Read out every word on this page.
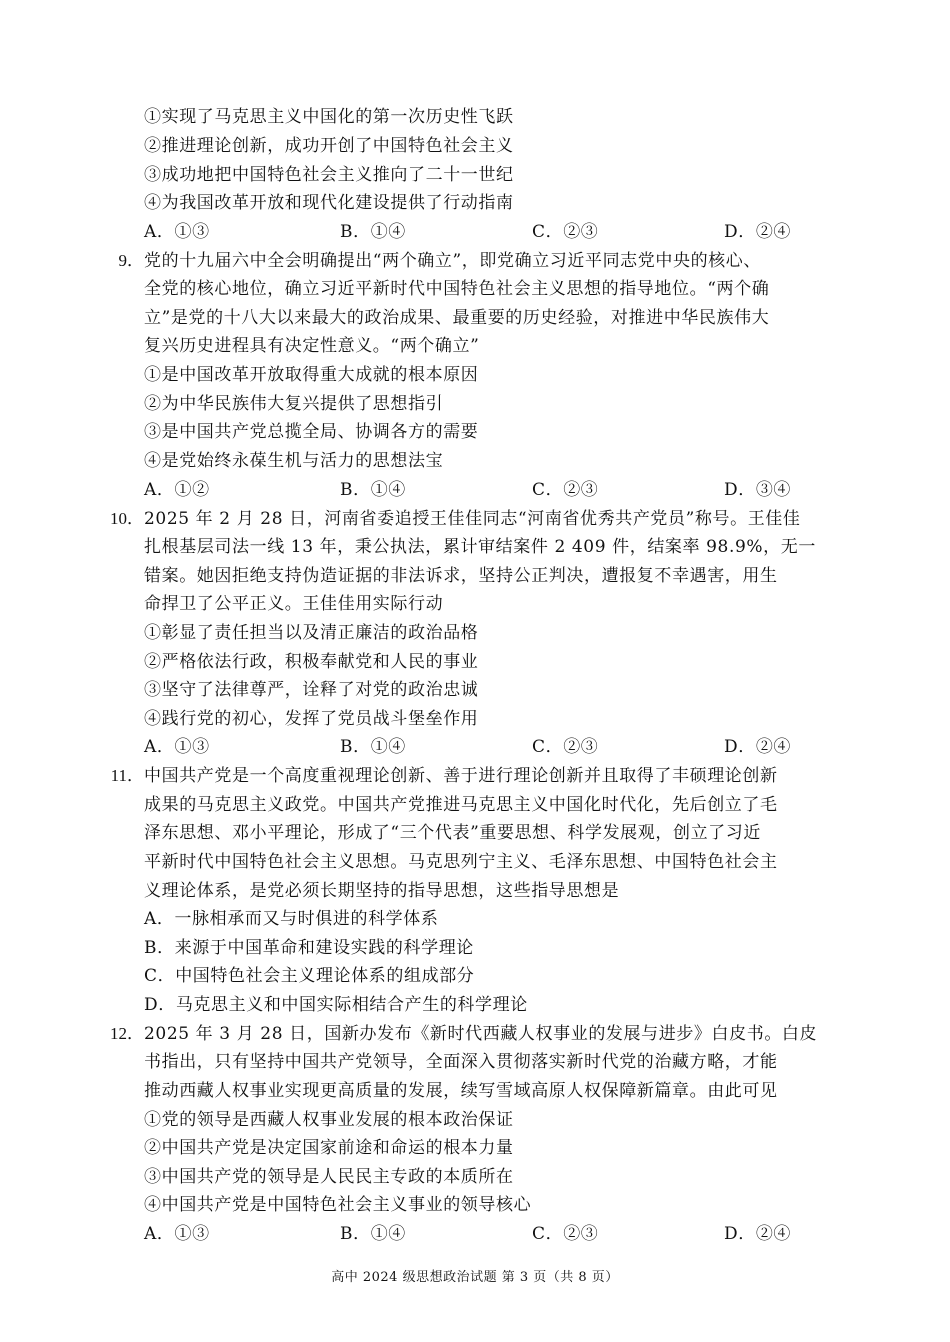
①实现了马克思主义中国化的第一次历史性飞跃
②推进理论创新，成功开创了中国特色社会主义
③成功地把中国特色社会主义推向了二十一世纪
④为我国改革开放和现代化建设提供了行动指南
A．①③	B．①④	C．②③	D．②④
9． 党的十九届六中全会明确提出“两个确立”，即党确立习近平同志党中央的核心、
全党的核心地位，确立习近平新时代中国特色社会主义思想的指导地位。“两个确
立”是党的十八大以来最大的政治成果、最重要的历史经验，对推进中华民族伟大
复兴历史进程具有决定性意义。“两个确立”
①是中国改革开放取得重大成就的根本原因
②为中华民族伟大复兴提供了思想指引
③是中国共产党总揽全局、协调各方的需要
④是党始终永葆生机与活力的思想法宝
A．①②	B．①④	C．②③	D．③④
10． 2025 年 2 月 28 日，河南省委追授王佳佳同志“河南省优秀共产党员”称号。王佳佳
扎根基层司法一线 13 年，秉公执法，累计审结案件 2 409 件，结案率 98.9%，无一
错案。她因拒绝支持伪造证据的非法诉求，坚持公正判决，遭报复不幸遇害，用生
命捍卫了公平正义。王佳佳用实际行动
①彰显了责任担当以及清正廉洁的政治品格
②严格依法行政，积极奉献党和人民的事业
③坚守了法律尊严，诠释了对党的政治忠诚
④践行党的初心，发挥了党员战斗堡垒作用
A．①③	B．①④	C．②③	D．②④
11． 中国共产党是一个高度重视理论创新、善于进行理论创新并且取得了丰硕理论创新
成果的马克思主义政党。中国共产党推进马克思主义中国化时代化，先后创立了毛
泽东思想、邓小平理论，形成了“三个代表”重要思想、科学发展观，创立了习近
平新时代中国特色社会主义思想。马克思列宁主义、毛泽东思想、中国特色社会主
义理论体系，是党必须长期坚持的指导思想，这些指导思想是
A．一脉相承而又与时俱进的科学体系
B．来源于中国革命和建设实践的科学理论
C．中国特色社会主义理论体系的组成部分
D．马克思主义和中国实际相结合产生的科学理论
12． 2025 年 3 月 28 日，国新办发布《新时代西藏人权事业的发展与进步》白皮书。白皮
书指出，只有坚持中国共产党领导，全面深入贯彻落实新时代党的治藏方略，才能
推动西藏人权事业实现更高质量的发展，续写雪域高原人权保障新篇章。由此可见
①党的领导是西藏人权事业发展的根本政治保证
②中国共产党是决定国家前途和命运的根本力量
③中国共产党的领导是人民民主专政的本质所在
④中国共产党是中国特色社会主义事业的领导核心
A．①③	B．①④	C．②③	D．②④
高中 2024 级思想政治试题 第 3 页（共 8 页）
